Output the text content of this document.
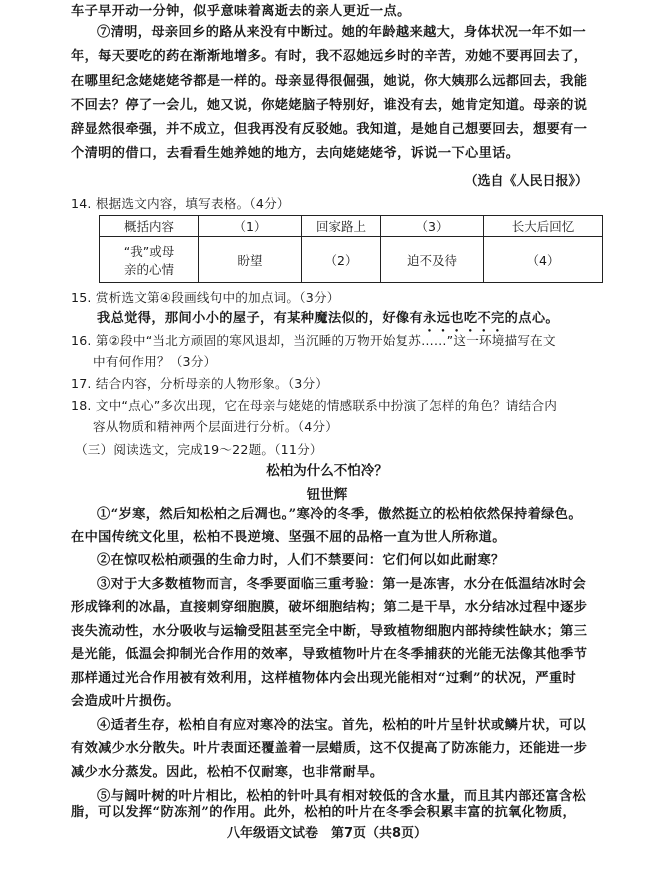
车子早开动一分钟，似乎意味着离逝去的亲人更近一点。
⑦清明，母亲回乡的路从来没有中断过。她的年龄越来越大，身体状况一年不如一
年，每天要吃的药在渐渐地增多。有时，我不忍她远乡时的辛苦，劝她不要再回去了，
在哪里纪念姥姥姥爷都是一样的。母亲显得很倔强，她说，你大姨那么远都回去，我能
不回去？停了一会儿，她又说，你姥姥脑子特别好，谁没有去，她肯定知道。母亲的说
辞显然很牵强，并不成立，但我再没有反驳她。我知道，是她自己想要回去，想要有一
个清明的借口，去看看生她养她的地方，去向姥姥姥爷，诉说一下心里话。
（选自《人民日报》）
14. 根据选文内容，填写表格。（4分）
概括内容	（1）	回家路上	（3）	长大后回忆

“我”或母
亲的心情	盼望	（2）	迫不及待	（4）
15. 赏析选文第④段画线句中的加点词。（3分）
我总觉得，那间小小的屋子，有某种魔法似的，好像有永远也吃不完的点心。
16. 第②段中“当北方顽固的寒风退却，当沉睡的万物开始复苏……”这一环境描写在文
中有何作用？（3分）
17. 结合内容，分析母亲的人物形象。（3分）
18. 文中“点心”多次出现，它在母亲与姥姥的情感联系中扮演了怎样的角色？请结合内
容从物质和精神两个层面进行分析。（4分）
（三）阅读选文，完成19～22题。（11分）
松柏为什么不怕冷？
钮世辉
①“岁寒，然后知松柏之后凋也。”寒冷的冬季，傲然挺立的松柏依然保持着绿色。
在中国传统文化里，松柏不畏逆境、坚强不屈的品格一直为世人所称道。
②在惊叹松柏顽强的生命力时，人们不禁要问：它们何以如此耐寒？
③对于大多数植物而言，冬季要面临三重考验：第一是冻害，水分在低温结冰时会
形成锋利的冰晶，直接刺穿细胞膜，破坏细胞结构；第二是干旱，水分结冰过程中逐步
丧失流动性，水分吸收与运输受阻甚至完全中断，导致植物细胞内部持续性缺水；第三
是光能，低温会抑制光合作用的效率，导致植物叶片在冬季捕获的光能无法像其他季节
那样通过光合作用被有效利用，这样植物体内会出现光能相对“过剩”的状况，严重时
会造成叶片损伤。
④适者生存，松柏自有应对寒冷的法宝。首先，松柏的叶片呈针状或鳞片状，可以
有效减少水分散失。叶片表面还覆盖着一层蜡质，这不仅提高了防冻能力，还能进一步
减少水分蒸发。因此，松柏不仅耐寒，也非常耐旱。
⑤与阔叶树的叶片相比，松柏的针叶具有相对较低的含水量，而且其内部还富含松
脂，可以发挥“防冻剂”的作用。此外，松柏的叶片在冬季会积累丰富的抗氧化物质，
八年级语文试卷　第7页（共8页）
